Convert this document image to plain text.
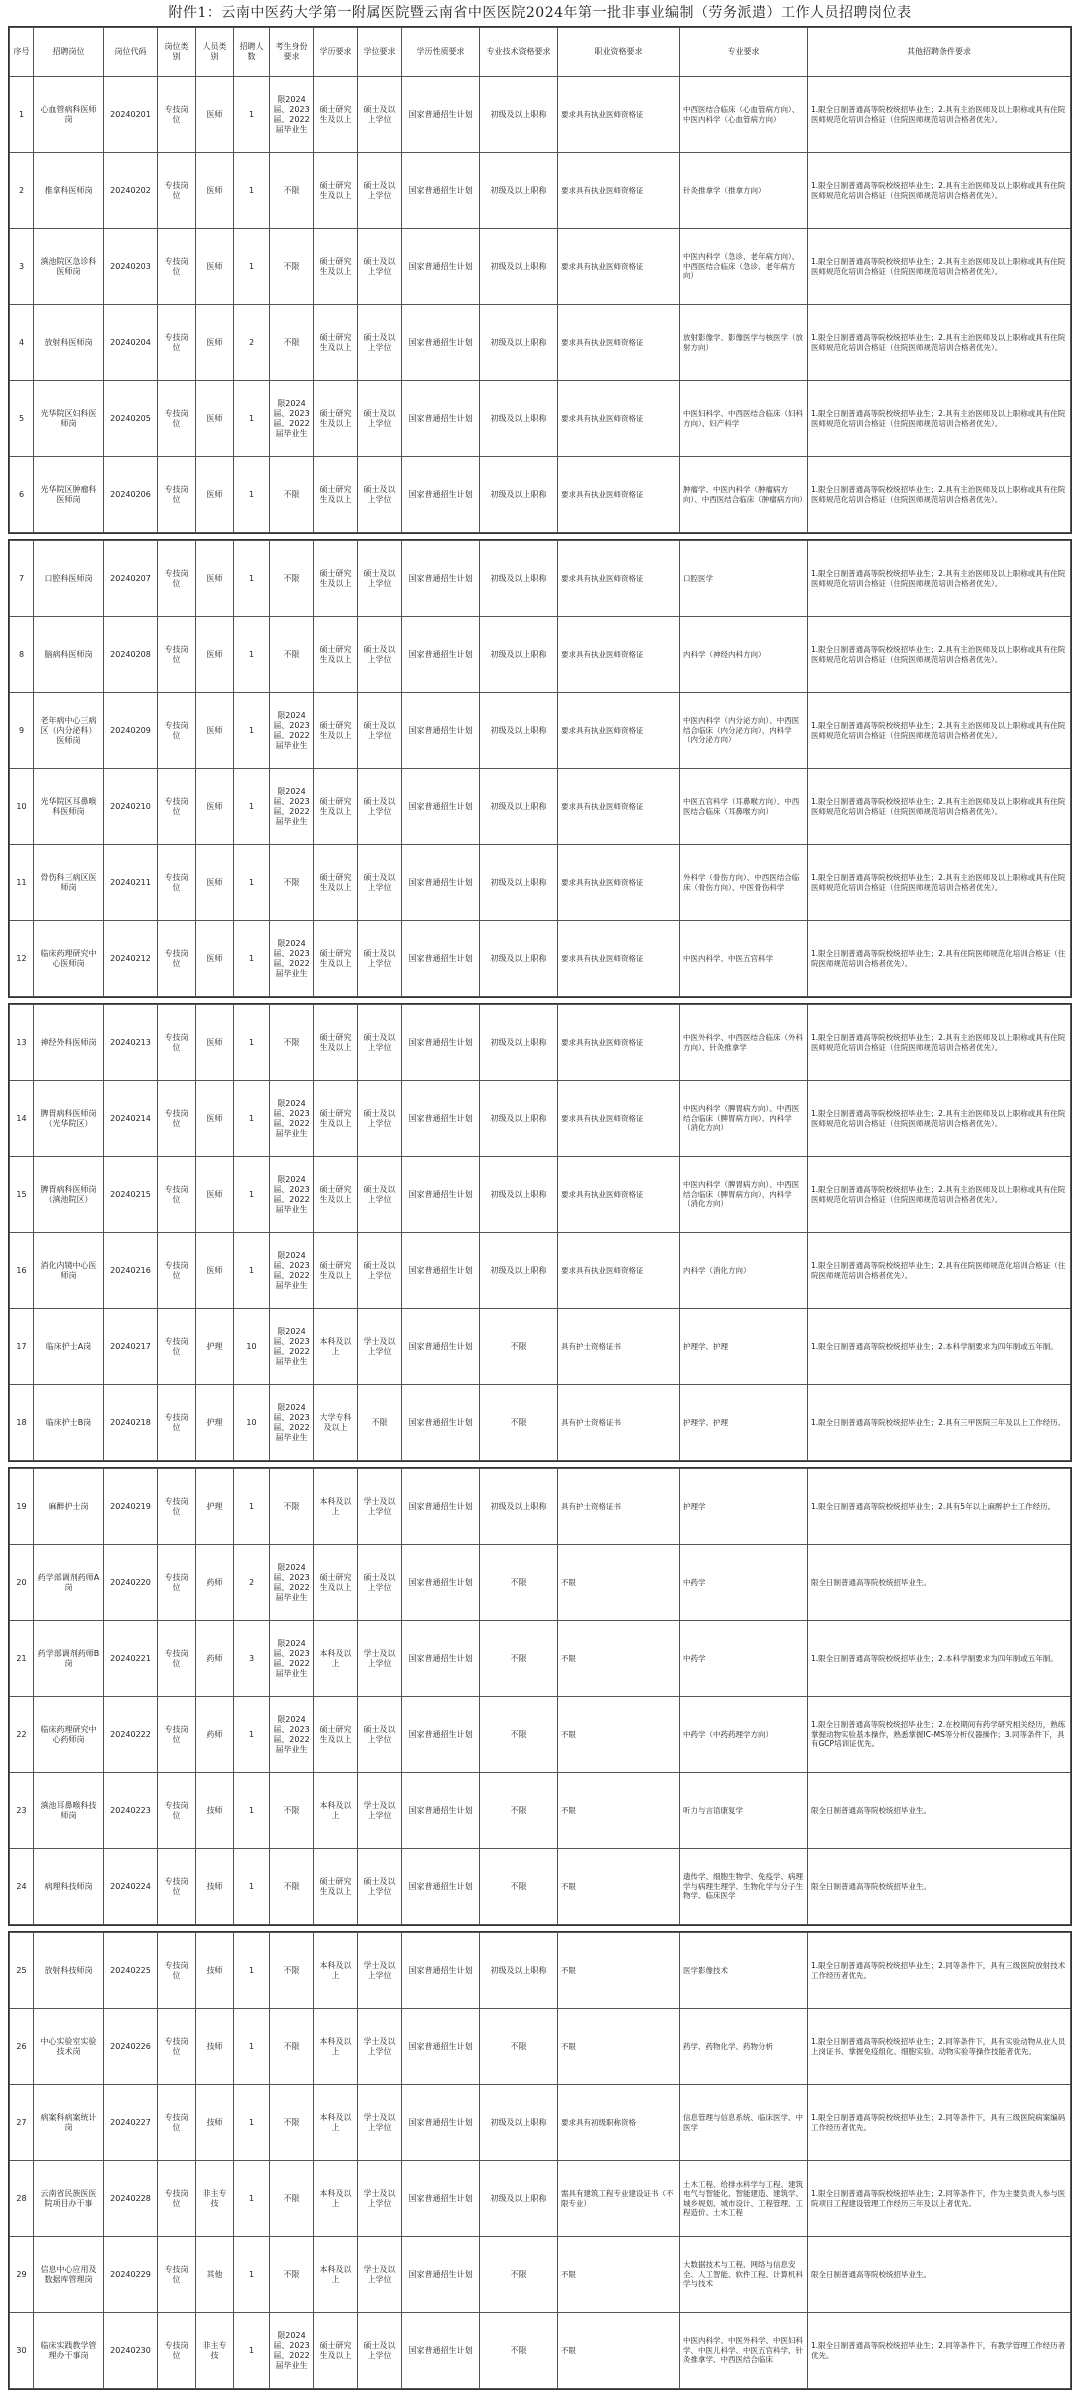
附件1：云南中医药大学第一附属医院暨云南省中医医院2024年第一批非事业编制（劳务派遣）工作人员招聘岗位表
序号	招聘岗位	岗位代码	岗位类别	人员类别	招聘人数	考生身份要求	学历要求	学位要求	学历性质要求	专业技术资格要求	职业资格要求	专业要求	其他招聘条件要求
1	心血管病科医师岗	20240201	专技岗位	医师	1	限2024届、2023届、2022届毕业生	硕士研究生及以上	硕士及以上学位	国家普通招生计划	初级及以上职称	要求具有执业医师资格证	中西医结合临床（心血管病方向）、中医内科学（心血管病方向）	1.限全日制普通高等院校统招毕业生；2.具有主治医师及以上职称或具有住院医师规范化培训合格证（住院医师规范培训合格者优先）。
2	推拿科医师岗	20240202	专技岗位	医师	1	不限	硕士研究生及以上	硕士及以上学位	国家普通招生计划	初级及以上职称	要求具有执业医师资格证	针灸推拿学（推拿方向）	1.限全日制普通高等院校统招毕业生；2.具有主治医师及以上职称或具有住院医师规范化培训合格证（住院医师规范培训合格者优先）。
3	滇池院区急诊科医师岗	20240203	专技岗位	医师	1	不限	硕士研究生及以上	硕士及以上学位	国家普通招生计划	初级及以上职称	要求具有执业医师资格证	中医内科学（急诊、老年病方向）、中西医结合临床（急诊、老年病方向）	1.限全日制普通高等院校统招毕业生；2.具有主治医师及以上职称或具有住院医师规范化培训合格证（住院医师规范培训合格者优先）。
4	放射科医师岗	20240204	专技岗位	医师	2	不限	硕士研究生及以上	硕士及以上学位	国家普通招生计划	初级及以上职称	要求具有执业医师资格证	放射影像学、影像医学与核医学（放射方向）	1.限全日制普通高等院校统招毕业生；2.具有主治医师及以上职称或具有住院医师规范化培训合格证（住院医师规范培训合格者优先）。
5	光华院区妇科医师岗	20240205	专技岗位	医师	1	限2024届、2023届、2022届毕业生	硕士研究生及以上	硕士及以上学位	国家普通招生计划	初级及以上职称	要求具有执业医师资格证	中医妇科学、中西医结合临床（妇科方向）、妇产科学	1.限全日制普通高等院校统招毕业生；2.具有主治医师及以上职称或具有住院医师规范化培训合格证（住院医师规范培训合格者优先）。
6	光华院区肿瘤科医师岗	20240206	专技岗位	医师	1	不限	硕士研究生及以上	硕士及以上学位	国家普通招生计划	初级及以上职称	要求具有执业医师资格证	肿瘤学、中医内科学（肿瘤病方向）、中西医结合临床（肿瘤病方向）	1.限全日制普通高等院校统招毕业生；2.具有主治医师及以上职称或具有住院医师规范化培训合格证（住院医师规范培训合格者优先）。
7	口腔科医师岗	20240207	专技岗位	医师	1	不限	硕士研究生及以上	硕士及以上学位	国家普通招生计划	初级及以上职称	要求具有执业医师资格证	口腔医学	1.限全日制普通高等院校统招毕业生；2.具有主治医师及以上职称或具有住院医师规范化培训合格证（住院医师规范培训合格者优先）。
8	脑病科医师岗	20240208	专技岗位	医师	1	不限	硕士研究生及以上	硕士及以上学位	国家普通招生计划	初级及以上职称	要求具有执业医师资格证	内科学（神经内科方向）	1.限全日制普通高等院校统招毕业生；2.具有主治医师及以上职称或具有住院医师规范化培训合格证（住院医师规范培训合格者优先）。
9	老年病中心三病区（内分泌科）医师岗	20240209	专技岗位	医师	1	限2024届、2023届、2022届毕业生	硕士研究生及以上	硕士及以上学位	国家普通招生计划	初级及以上职称	要求具有执业医师资格证	中医内科学（内分泌方向）、中西医结合临床（内分泌方向）、内科学（内分泌方向）	1.限全日制普通高等院校统招毕业生；2.具有主治医师及以上职称或具有住院医师规范化培训合格证（住院医师规范培训合格者优先）。
10	光华院区耳鼻喉科医师岗	20240210	专技岗位	医师	1	限2024届、2023届、2022届毕业生	硕士研究生及以上	硕士及以上学位	国家普通招生计划	初级及以上职称	要求具有执业医师资格证	中医五官科学（耳鼻喉方向）、中西医结合临床（耳鼻喉方向）	1.限全日制普通高等院校统招毕业生；2.具有主治医师及以上职称或具有住院医师规范化培训合格证（住院医师规范培训合格者优先）。
11	骨伤科三病区医师岗	20240211	专技岗位	医师	1	不限	硕士研究生及以上	硕士及以上学位	国家普通招生计划	初级及以上职称	要求具有执业医师资格证	外科学（骨伤方向）、中西医结合临床（骨伤方向）、中医骨伤科学	1.限全日制普通高等院校统招毕业生；2.具有主治医师及以上职称或具有住院医师规范化培训合格证（住院医师规范培训合格者优先）。
12	临床药理研究中心医师岗	20240212	专技岗位	医师	1	限2024届、2023届、2022届毕业生	硕士研究生及以上	硕士及以上学位	国家普通招生计划	初级及以上职称	要求具有执业医师资格证	中医内科学、中医五官科学	1.限全日制普通高等院校统招毕业生；2.具有住院医师规范化培训合格证（住院医师规范培训合格者优先）。
13	神经外科医师岗	20240213	专技岗位	医师	1	不限	硕士研究生及以上	硕士及以上学位	国家普通招生计划	初级及以上职称	要求具有执业医师资格证	中医外科学、中西医结合临床（外科方向）、针灸推拿学	1.限全日制普通高等院校统招毕业生；2.具有主治医师及以上职称或具有住院医师规范化培训合格证（住院医师规范培训合格者优先）。
14	脾胃病科医师岗（光华院区）	20240214	专技岗位	医师	1	限2024届、2023届、2022届毕业生	硕士研究生及以上	硕士及以上学位	国家普通招生计划	初级及以上职称	要求具有执业医师资格证	中医内科学（脾胃病方向）、中西医结合临床（脾胃病方向）、内科学（消化方向）	1.限全日制普通高等院校统招毕业生；2.具有主治医师及以上职称或具有住院医师规范化培训合格证（住院医师规范培训合格者优先）。
15	脾胃病科医师岗（滇池院区）	20240215	专技岗位	医师	1	限2024届、2023届、2022届毕业生	硕士研究生及以上	硕士及以上学位	国家普通招生计划	初级及以上职称	要求具有执业医师资格证	中医内科学（脾胃病方向）、中西医结合临床（脾胃病方向）、内科学（消化方向）	1.限全日制普通高等院校统招毕业生；2.具有主治医师及以上职称或具有住院医师规范化培训合格证（住院医师规范培训合格者优先）。
16	消化内镜中心医师岗	20240216	专技岗位	医师	1	限2024届、2023届、2022届毕业生	硕士研究生及以上	硕士及以上学位	国家普通招生计划	初级及以上职称	要求具有执业医师资格证	内科学（消化方向）	1.限全日制普通高等院校统招毕业生；2.具有住院医师规范化培训合格证（住院医师规范培训合格者优先）。
17	临床护士A岗	20240217	专技岗位	护理	10	限2024届、2023届、2022届毕业生	本科及以上	学士及以上学位	国家普通招生计划	不限	具有护士资格证书	护理学、护理	1.限全日制普通高等院校统招毕业生；2.本科学制要求为四年制或五年制。
18	临床护士B岗	20240218	专技岗位	护理	10	限2024届、2023届、2022届毕业生	大学专科及以上	不限	国家普通招生计划	不限	具有护士资格证书	护理学、护理	1.限全日制普通高等院校统招毕业生；2.具有三甲医院三年及以上工作经历。
19	麻醉护士岗	20240219	专技岗位	护理	1	不限	本科及以上	学士及以上学位	国家普通招生计划	初级及以上职称	具有护士资格证书	护理学	1.限全日制普通高等院校统招毕业生；2.具有5年以上麻醉护士工作经历。
20	药学部调剂药师A岗	20240220	专技岗位	药师	2	限2024届、2023届、2022届毕业生	硕士研究生及以上	硕士及以上学位	国家普通招生计划	不限	不限	中药学	限全日制普通高等院校统招毕业生。
21	药学部调剂药师B岗	20240221	专技岗位	药师	3	限2024届、2023届、2022届毕业生	本科及以上	学士及以上学位	国家普通招生计划	不限	不限	中药学	1.限全日制普通高等院校统招毕业生；2.本科学制要求为四年制或五年制。
22	临床药理研究中心药师岗	20240222	专技岗位	药师	1	限2024届、2023届、2022届毕业生	硕士研究生及以上	硕士及以上学位	国家普通招生计划	不限	不限	中药学（中药药理学方向）	1.限全日制普通高等院校统招毕业生；2.在校期间有药学研究相关经历，熟练掌握动物实验基本操作，熟悉掌握IC-MS等分析仪器操作；3.同等条件下，具有GCP培训证优先。
23	滇池耳鼻喉科技师岗	20240223	专技岗位	技师	1	不限	本科及以上	学士及以上学位	国家普通招生计划	不限	不限	听力与言语康复学	限全日制普通高等院校统招毕业生。
24	病理科技师岗	20240224	专技岗位	技师	1	不限	硕士研究生及以上	硕士及以上学位	国家普通招生计划	不限	不限	遗传学、细胞生物学、免疫学、病理学与病理生理学、生物化学与分子生物学、临床医学	限全日制普通高等院校统招毕业生。
25	放射科技师岗	20240225	专技岗位	技师	1	不限	本科及以上	学士及以上学位	国家普通招生计划	初级及以上职称	不限	医学影像技术	1.限全日制普通高等院校统招毕业生；2.同等条件下，具有三级医院放射技术工作经历者优先。
26	中心实验室实验技术岗	20240226	专技岗位	技师	1	不限	本科及以上	学士及以上学位	国家普通招生计划	不限	不限	药学、药物化学、药物分析	1.限全日制普通高等院校统招毕业生；2.同等条件下，具有实验动物从业人员上岗证书、掌握免疫组化、细胞实验、动物实验等操作技能者优先。
27	病案科病案统计岗	20240227	专技岗位	技师	1	不限	本科及以上	学士及以上学位	国家普通招生计划	初级及以上职称	要求具有初级职称资格	信息管理与信息系统、临床医学、中医学	1.限全日制普通高等院校统招毕业生；2.同等条件下，具有三级医院病案编码工作经历者优先。
28	云南省民族医医院项目办干事	20240228	专技岗位	非主专技	1	不限	本科及以上	学士及以上学位	国家普通招生计划	初级及以上职称	需具有建筑工程专业建设证书（不限专业）	土木工程、给排水科学与工程、建筑电气与智能化、智能建造、建筑学、城乡规划、城市设计、工程管理、工程造价、土木工程	1.限全日制普通高等院校统招毕业生；2.同等条件下，作为主要负责人参与医院项目工程建设管理工作经历三年及以上者优先。
29	信息中心应用及数据库管理岗	20240229	专技岗位	其他	1	不限	本科及以上	学士及以上学位	国家普通招生计划	不限	不限	大数据技术与工程、网络与信息安全、人工智能、软件工程、计算机科学与技术	限全日制普通高等院校统招毕业生。
30	临床实践教学管理办干事岗	20240230	专技岗位	非主专技	1	限2024届、2023届、2022届毕业生	硕士研究生及以上	硕士及以上学位	国家普通招生计划	不限	不限	中医内科学、中医外科学、中医妇科学、中医儿科学、中医五官科学、针灸推拿学、中西医结合临床	1.限全日制普通高等院校统招毕业生；2.同等条件下，有教学管理工作经历者优先。
